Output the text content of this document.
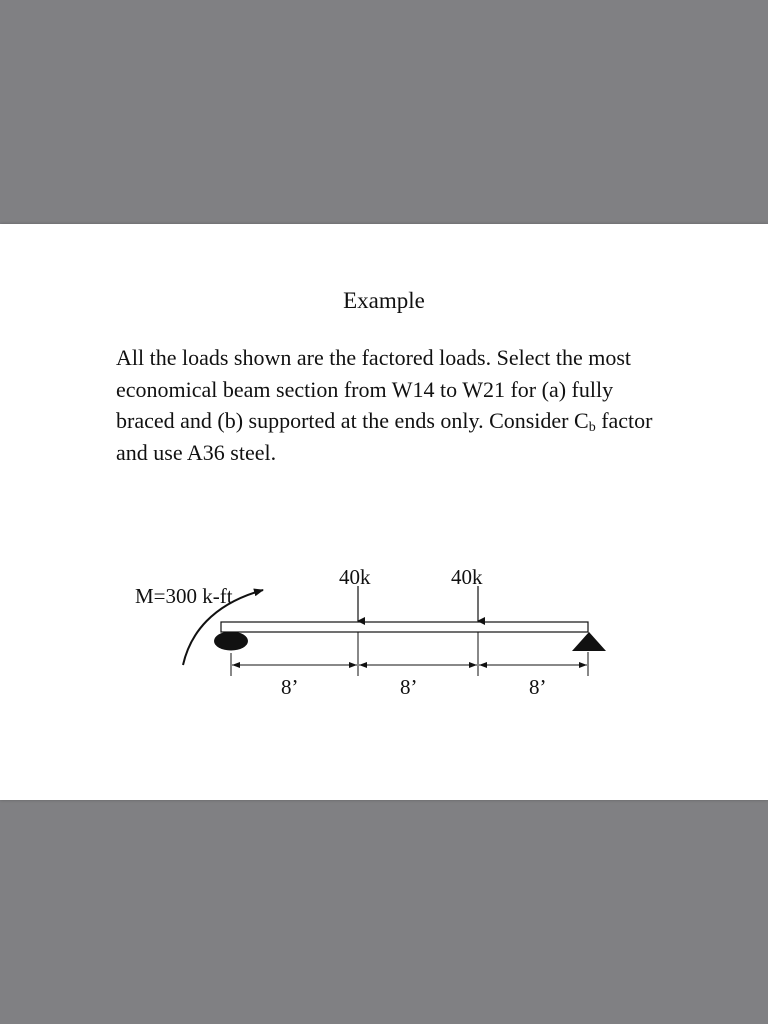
Example
All the loads shown are the factored loads. Select the most economical beam section from W14 to W21 for (a) fully braced and (b) supported at the ends only. Consider $C_b$ factor and use A36 steel.
40k	40k
M=300 k-ft
8’	8’	8’
